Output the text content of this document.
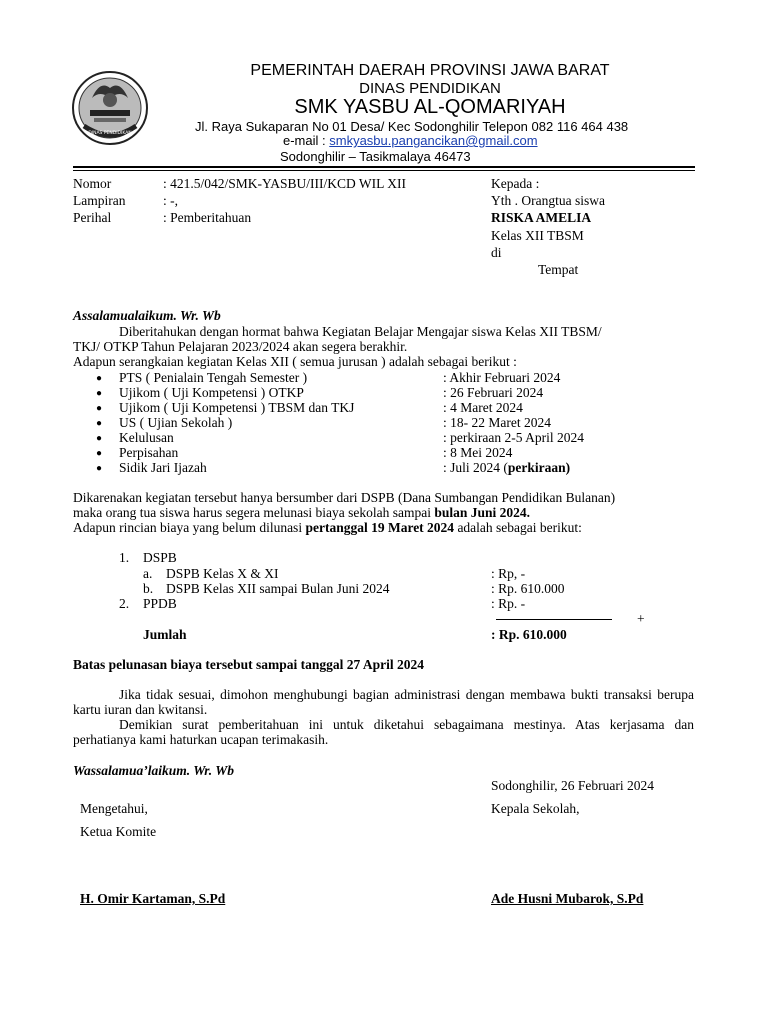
DINAS PENDIDIKAN
PEMERINTAH DAERAH PROVINSI JAWA BARAT
DINAS PENDIDIKAN
SMK YASBU AL-QOMARIYAH
Jl. Raya Sukaparan No 01 Desa/ Kec Sodonghilir Telepon 082 116 464 438
e-mail : smkyasbu.pangancikan@gmail.com
Sodonghilir – Tasikmalaya 46473
Nomor	: 421.5/042/SMK-YASBU/III/KCD WIL XII
Lampiran	: -,
Perihal	: Pemberitahuan
Kepada :
Yth . Orangtua siswa
RISKA AMELIA
Kelas XII TBSM
di
Tempat
Assalamualaikum. Wr. Wb
Diberitahukan dengan hormat bahwa Kegiatan Belajar Mengajar siswa Kelas XII TBSM/
TKJ/ OTKP Tahun Pelajaran 2023/2024 akan segera berakhir.
Adapun serangkaian kegiatan Kelas XII ( semua jurusan ) adalah sebagai berikut :
● PTS ( Penialain Tengah Semester )	: Akhir Februari 2024
● Ujikom ( Uji Kompetensi ) OTKP	: 26 Februari 2024
● Ujikom ( Uji Kompetensi ) TBSM dan TKJ	: 4 Maret 2024
● US ( Ujian Sekolah )	: 18- 22 Maret 2024
● Kelulusan	: perkiraan 2-5 April 2024
● Perpisahan	: 8 Mei 2024
● Sidik Jari Ijazah	: Juli 2024 (perkiraan)
Dikarenakan kegiatan tersebut hanya bersumber dari DSPB (Dana Sumbangan Pendidikan Bulanan)
maka orang tua siswa harus segera melunasi biaya sekolah sampai bulan Juni 2024.
Adapun rincian biaya yang belum dilunasi pertanggal 19 Maret 2024 adalah sebagai berikut:
1. DSPB
a. DSPB Kelas X & XI	: Rp, -
b. DSPB Kelas XII sampai Bulan Juni 2024	: Rp. 610.000
2. PPDB	: Rp. -
+
Jumlah	: Rp. 610.000
Batas pelunasan biaya tersebut sampai tanggal 27 April 2024
Jika tidak sesuai, dimohon menghubungi bagian administrasi dengan membawa bukti transaksi berupa kartu iuran dan kwitansi.
Demikian surat pemberitahuan ini untuk diketahui sebagaimana mestinya. Atas kerjasama dan perhatianya kami haturkan ucapan terimakasih.
Wassalamua’laikum. Wr. Wb
Sodonghilir, 26 Februari 2024
Mengetahui,
Ketua Komite
H. Omir Kartaman, S.Pd
Kepala Sekolah,
Ade Husni Mubarok, S.Pd
